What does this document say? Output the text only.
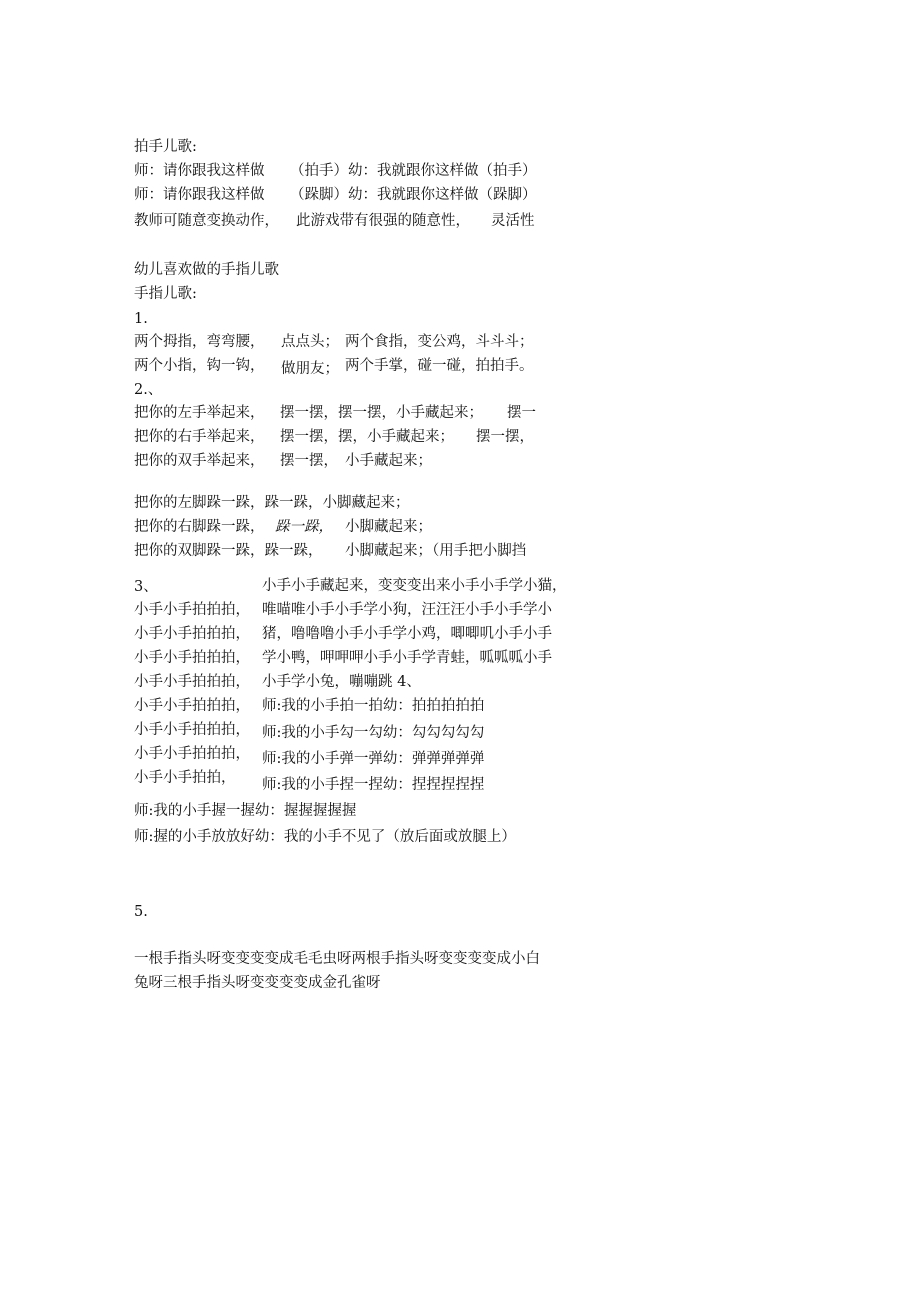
拍手儿歌:
师：请你跟我这样做 （拍手）幼：我就跟你这样做（拍手）
师：请你跟我这样做 （跺脚）幼：我就跟你这样做（跺脚）
教师可随意变换动作， 此游戏带有很强的随意性， 灵活性
幼儿喜欢做的手指儿歌
手指儿歌:
1.
两个拇指，弯弯腰， 点点头； 两个食指，变公鸡，斗斗斗；
两个小指，钩一钩， 做朋友； 两个手掌，碰一碰，拍拍手。
2.、
把你的左手举起来， 摆一摆，摆一摆，小手藏起来； 摆一
把你的右手举起来， 摆一摆，摆，小手藏起来； 摆一摆，
把你的双手举起来， 摆一摆， 小手藏起来；
把你的左脚跺一跺，跺一跺，小脚藏起来；
把你的右脚跺一跺， 跺一跺， 小脚藏起来；
把你的双脚跺一跺，跺一跺， 小脚藏起来；（用手把小脚挡
3、
小手小手拍拍拍，
小手小手拍拍拍，
小手小手拍拍拍，
小手小手拍拍拍，
小手小手拍拍拍，
小手小手拍拍拍，
小手小手拍拍拍，
小手小手拍拍，
小手小手藏起来，变变变出来小手小手学小猫，
唯喵唯小手小手学小狗，汪汪汪小手小手学小
猪，噜噜噜小手小手学小鸡，唧唧叽小手小手
学小鸭，呷呷呷小手小手学青蛙，呱呱呱小手
小手学小兔，嘣嘣跳 4、
师:我的小手拍一拍幼：拍拍拍拍拍
师:我的小手勾一勾幼：勾勾勾勾勾
师:我的小手弹一弹幼：弹弹弹弹弹
师:我的小手捏一捏幼：捏捏捏捏捏
师:我的小手握一握幼：握握握握握
师:握的小手放放好幼：我的小手不见了（放后面或放腿上）
5.
一根手指头呀变变变变成毛毛虫呀两根手指头呀变变变变成小白
兔呀三根手指头呀变变变变成金孔雀呀
